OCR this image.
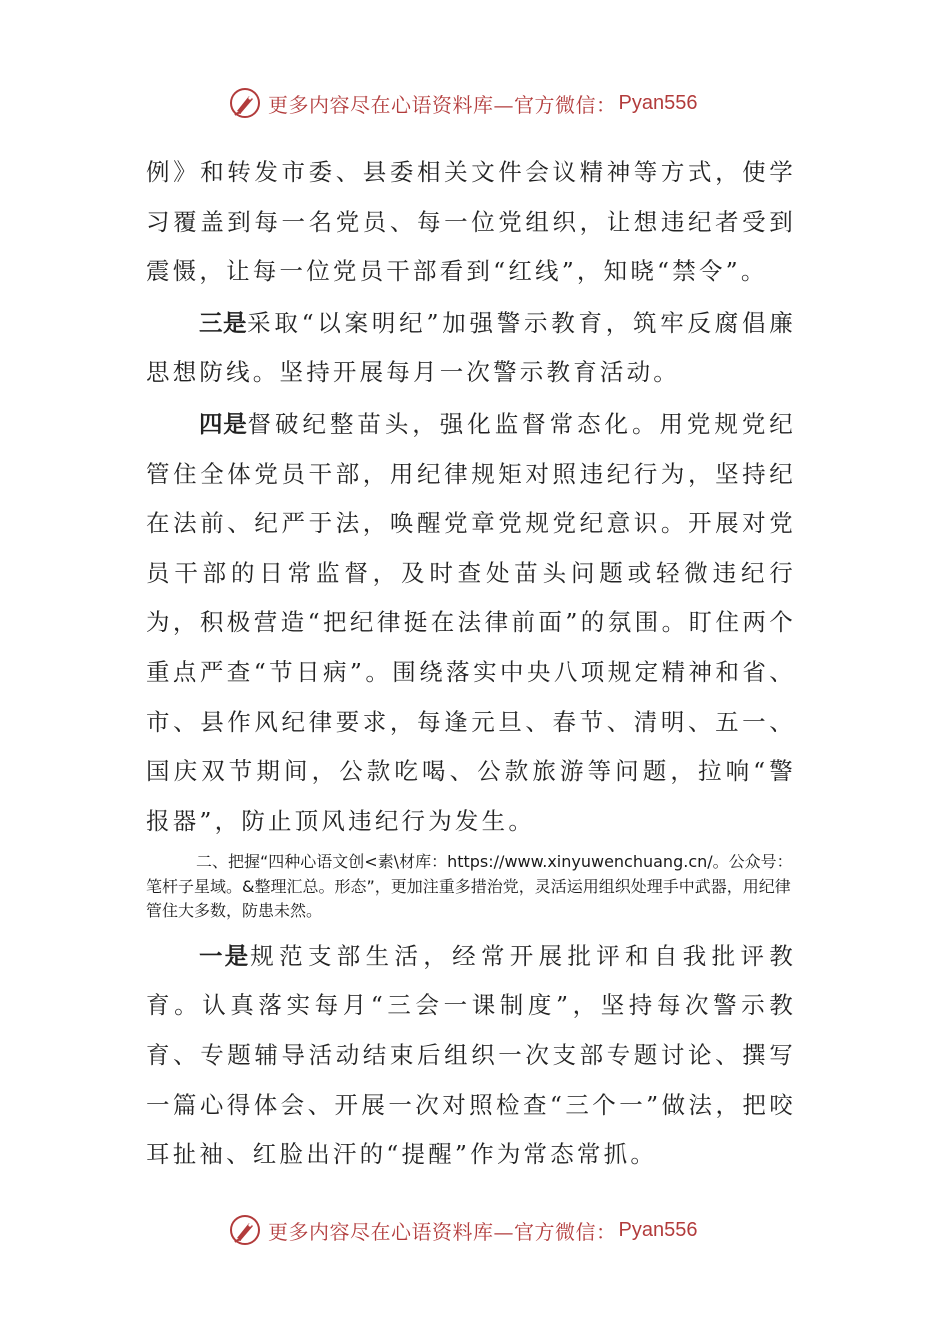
更多内容尽在心语资料库—官方微信： Pyan556

例》和转发市委、县委相关文件会议精神等方式，使学习覆盖到每一名党员、每一位党组织，让想违纪者受到震慑，让每一位党员干部看到“红线”，知晓“禁令”。

三是采取“以案明纪”加强警示教育，筑牢反腐倡廉思想防线。坚持开展每月一次警示教育活动。

四是督破纪整苗头，强化监督常态化。用党规党纪管住全体党员干部，用纪律规矩对照违纪行为，坚持纪在法前、纪严于法，唤醒党章党规党纪意识。开展对党员干部的日常监督，及时查处苗头问题或轻微违纪行为，积极营造“把纪律挺在法律前面”的氛围。盯住两个重点严查“节日病”。围绕落实中央八项规定精神和省、市、县作风纪律要求，每逢元旦、春节、清明、五一、国庆双节期间，公款吃喝、公款旅游等问题，拉响“警报器”，防止顶风违纪行为发生。

二、把握“四种心语文创<素\材库：https://www.xinyuwenchuang.cn/。公众号：笔杆子星域。&整理汇总。形态”，更加注重多措治党，灵活运用组织处理手中武器，用纪律管住大多数，防患未然。

一是规范支部生活，经常开展批评和自我批评教育。认真落实每月“三会一课制度”，坚持每次警示教育、专题辅导活动结束后组织一次支部专题讨论、撰写一篇心得体会、开展一次对照检查“三个一”做法，把咬耳扯袖、红脸出汗的“提醒”作为常态常抓。

更多内容尽在心语资料库—官方微信： Pyan556
